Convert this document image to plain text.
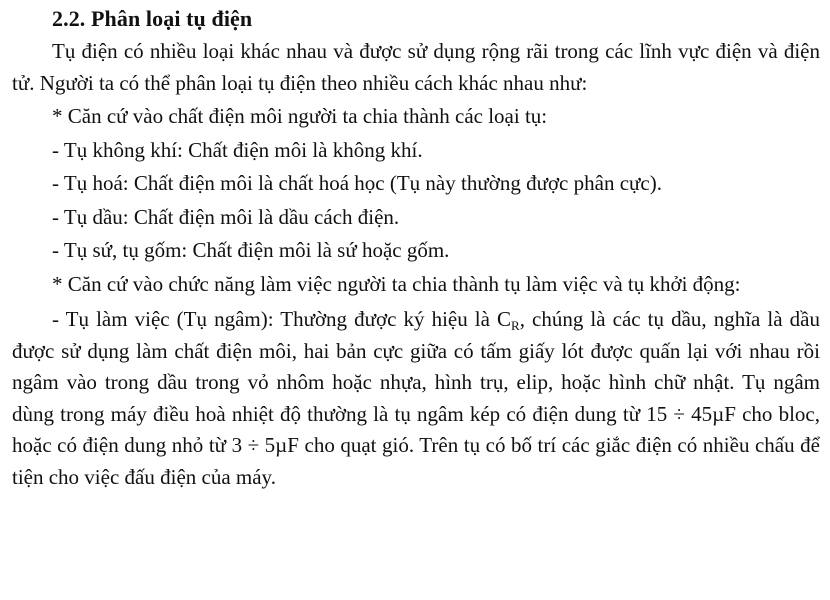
2.2. Phân loại tụ điện

Tụ điện có nhiều loại khác nhau và được sử dụng rộng rãi trong các lĩnh vực điện và điện tử. Người ta có thể phân loại tụ điện theo nhiều cách khác nhau như:

* Căn cứ vào chất điện môi người ta chia thành các loại tụ:

- Tụ không khí: Chất điện môi là không khí.

- Tụ hoá: Chất điện môi là chất hoá học (Tụ này thường được phân cực).

- Tụ dầu: Chất điện môi là dầu cách điện.

- Tụ sứ, tụ gốm: Chất điện môi là sứ hoặc gốm.

* Căn cứ vào chức năng làm việc người ta chia thành tụ làm việc và tụ khởi động:

- Tụ làm việc (Tụ ngâm): Thường được ký hiệu là $C_R$, chúng là các tụ dầu, nghĩa là dầu được sử dụng làm chất điện môi, hai bản cực giữa có tấm giấy lót được quấn lại với nhau rồi ngâm vào trong dầu trong vỏ nhôm hoặc nhựa, hình trụ, elip, hoặc hình chữ nhật. Tụ ngâm dùng trong máy điều hoà nhiệt độ thường là tụ ngâm kép có điện dung từ 15 ÷ 45µF cho bloc, hoặc có điện dung nhỏ từ 3 ÷ 5µF cho quạt gió. Trên tụ có bố trí các giắc điện có nhiều chấu để tiện cho việc đấu điện của máy.
